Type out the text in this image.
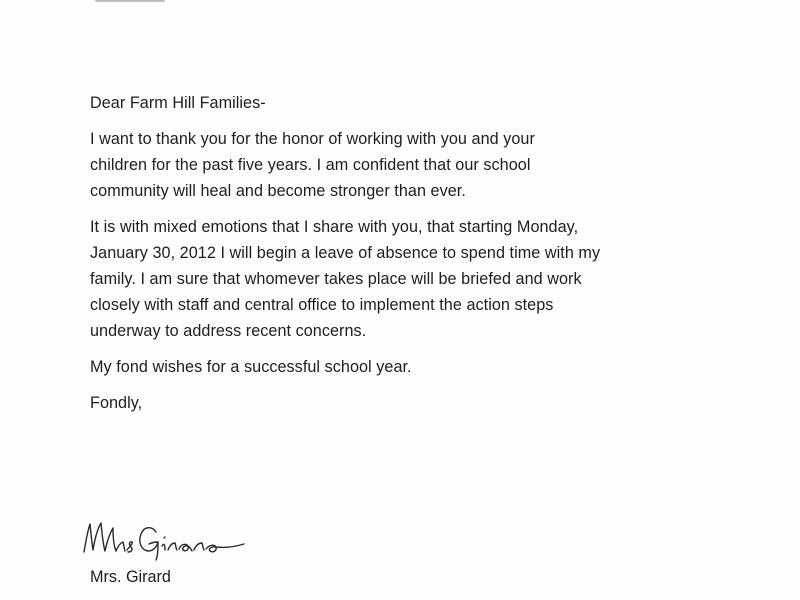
Dear Farm Hill Families-

I want to thank you for the honor of working with you and your
children for the past five years. I am confident that our school
community will heal and become stronger than ever.

It is with mixed emotions that I share with you, that starting Monday,
January 30, 2012 I will begin a leave of absence to spend time with my
family. I am sure that whomever takes place will be briefed and work
closely with staff and central office to implement the action steps
underway to address recent concerns.

My fond wishes for a successful school year.

Fondly,

Mrs Girard
Mrs. Girard
